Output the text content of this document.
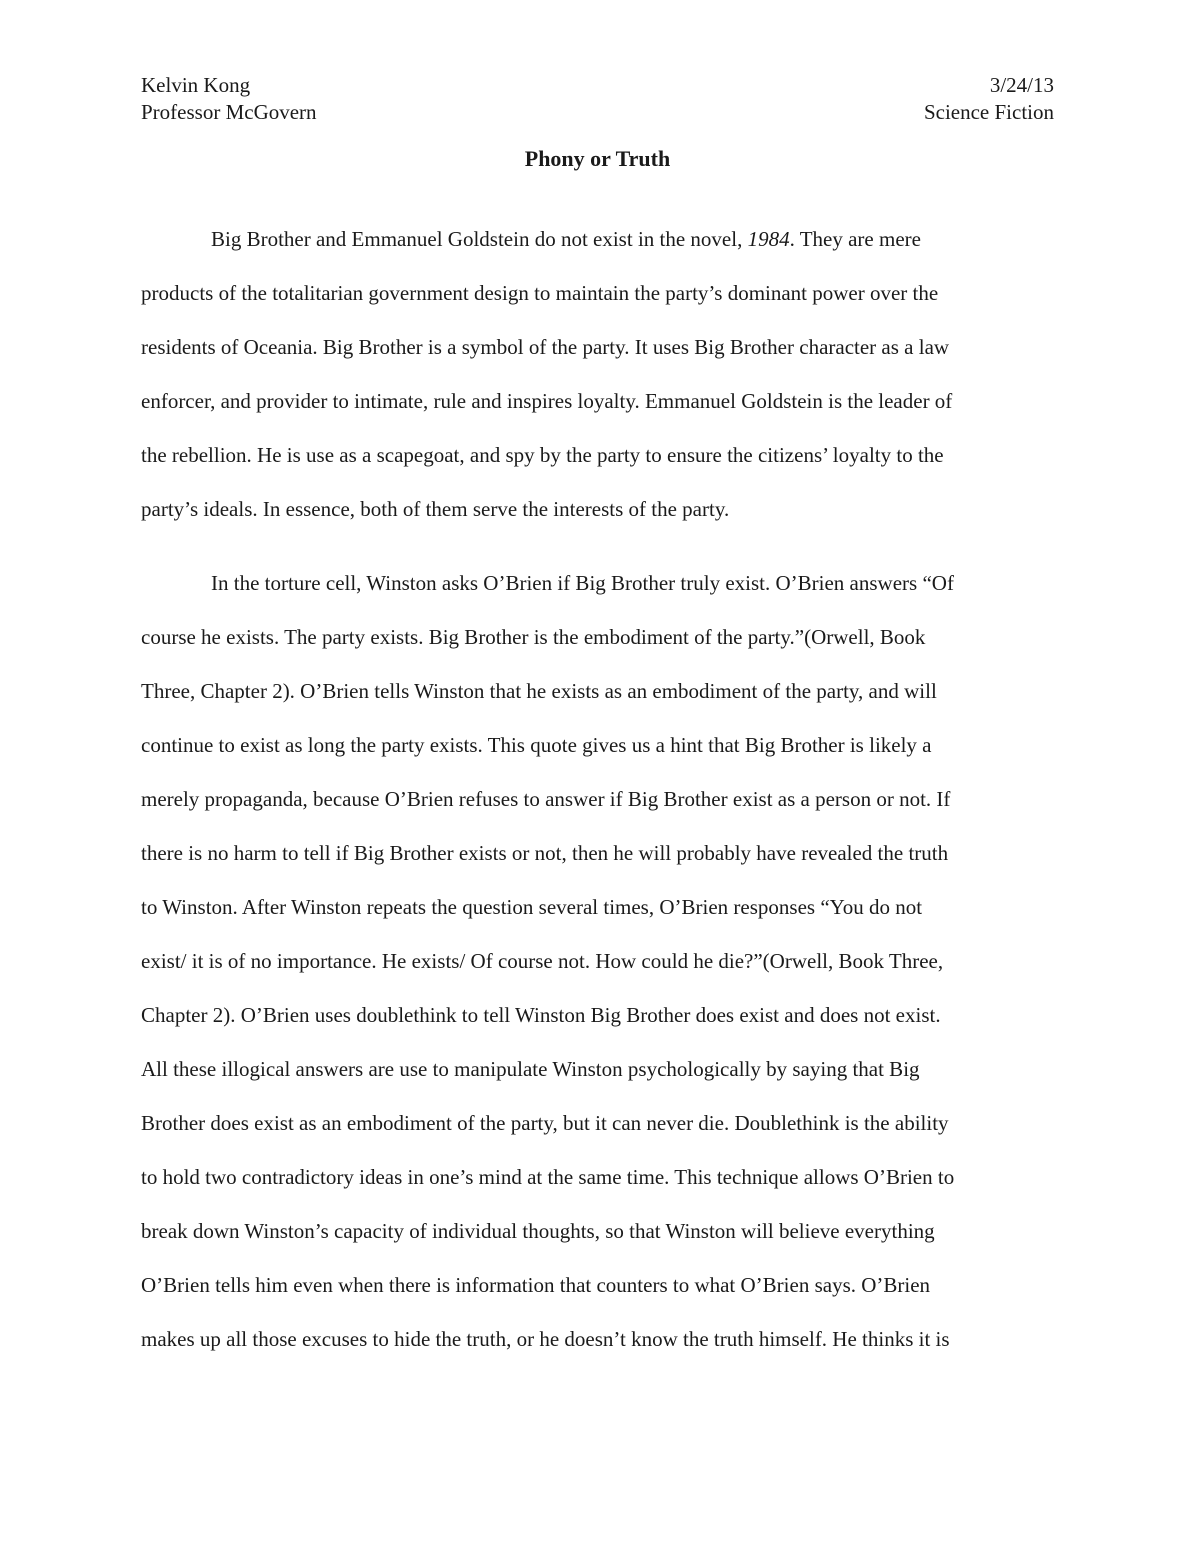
Kelvin Kong	3/24/13
Professor McGovern	Science Fiction
Phony or Truth
Big Brother and Emmanuel Goldstein do not exist in the novel, 1984. They are mere
products of the totalitarian government design to maintain the party’s dominant power over the
residents of Oceania. Big Brother is a symbol of the party. It uses Big Brother character as a law
enforcer, and provider to intimate, rule and inspires loyalty. Emmanuel Goldstein is the leader of
the rebellion. He is use as a scapegoat, and spy by the party to ensure the citizens’ loyalty to the
party’s ideals. In essence, both of them serve the interests of the party.
In the torture cell, Winston asks O’Brien if Big Brother truly exist. O’Brien answers “Of
course he exists. The party exists. Big Brother is the embodiment of the party.”(Orwell, Book
Three, Chapter 2). O’Brien tells Winston that he exists as an embodiment of the party, and will
continue to exist as long the party exists. This quote gives us a hint that Big Brother is likely a
merely propaganda, because O’Brien refuses to answer if Big Brother exist as a person or not. If
there is no harm to tell if Big Brother exists or not, then he will probably have revealed the truth
to Winston. After Winston repeats the question several times, O’Brien responses “You do not
exist/ it is of no importance. He exists/ Of course not. How could he die?”(Orwell, Book Three,
Chapter 2). O’Brien uses doublethink to tell Winston Big Brother does exist and does not exist.
All these illogical answers are use to manipulate Winston psychologically by saying that Big
Brother does exist as an embodiment of the party, but it can never die. Doublethink is the ability
to hold two contradictory ideas in one’s mind at the same time. This technique allows O’Brien to
break down Winston’s capacity of individual thoughts, so that Winston will believe everything
O’Brien tells him even when there is information that counters to what O’Brien says. O’Brien
makes up all those excuses to hide the truth, or he doesn’t know the truth himself. He thinks it is
